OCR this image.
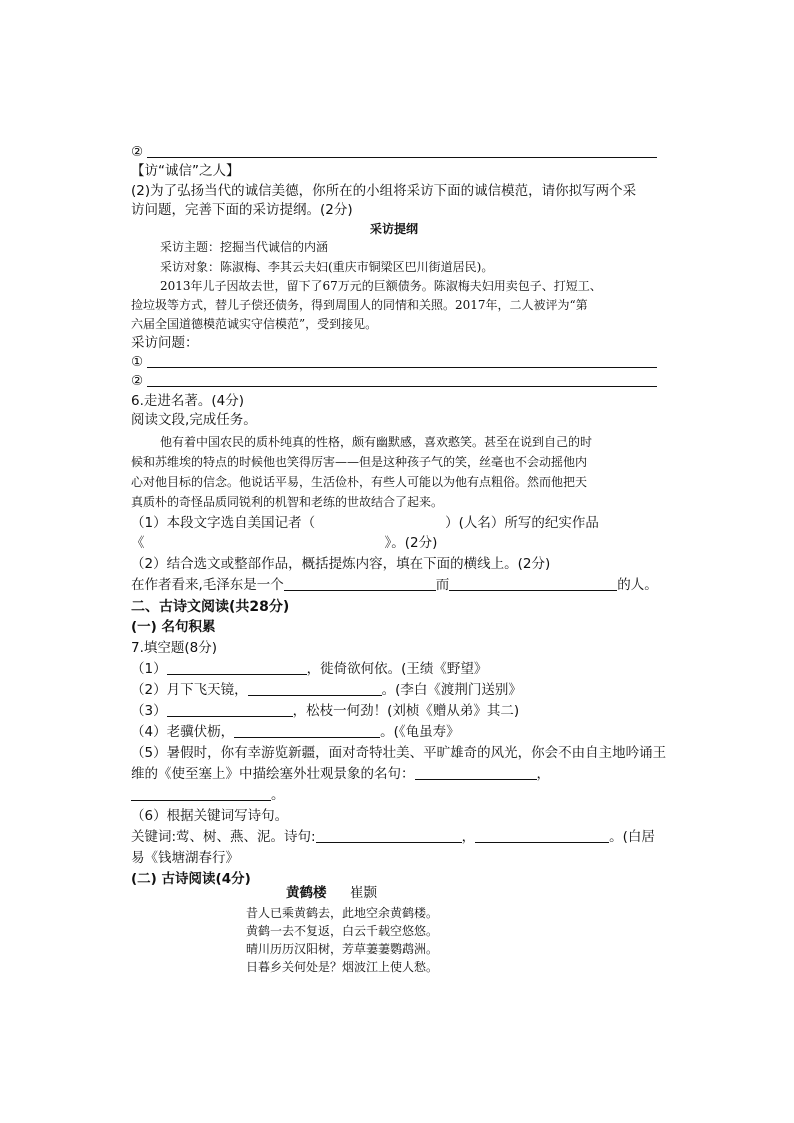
②
【访“诚信”之人】
(2)为了弘扬当代的诚信美德，你所在的小组将采访下面的诚信模范，请你拟写两个采
访问题，完善下面的采访提纲。(2分)
采访提纲
采访主题：挖掘当代诚信的内涵
采访对象：陈淑梅、李其云夫妇(重庆市铜梁区巴川街道居民)。
2013年儿子因故去世，留下了67万元的巨额债务。陈淑梅夫妇用卖包子、打短工、
捡垃圾等方式，替儿子偿还债务，得到周围人的同情和关照。2017年，二人被评为“第
六届全国道德模范诚实守信模范”，受到接见。
采访问题：
①
②
6.走进名著。(4分)
阅读文段,完成任务。
他有着中国农民的质朴纯真的性格，颇有幽默感，喜欢憨笑。甚至在说到自己的时
候和苏维埃的特点的时候他也笑得厉害——但是这种孩子气的笑，丝毫也不会动摇他内
心对他目标的信念。他说话平易，生活俭朴，有些人可能以为他有点粗俗。然而他把天
真质朴的奇怪品质同锐利的机智和老练的世故结合了起来。
（1）本段文字选自美国记者（	）(人名）所写的纪实作品
《	》。(2分)
（2）结合选文或整部作品，概括提炼内容，填在下面的横线上。(2分)
在作者看来,毛泽东是一个	而	的人。
二、古诗文阅读(共28分)
(一) 名句积累
7.填空题(8分)
（1）	，徙倚欲何依。(王绩《野望》
（2）月下飞天镜，	。(李白《渡荆门送别》
（3）	，松枝一何劲！(刘桢《赠从弟》其二)
（4）老骥伏枥，	。(《龟虽寿》
（5）暑假时，你有幸游览新疆，面对奇特壮美、平旷雄奇的风光，你会不由自主地吟诵王
维的《使至塞上》中描绘塞外壮观景象的名句：	，
。
（6）根据关键词写诗句。
关键词:莺、树、燕、泥。诗句:	，	。(白居
易《钱塘湖春行》
(二) 古诗阅读(4分)
黄鹤楼 崔颢
昔人已乘黄鹤去，此地空余黄鹤楼。
黄鹤一去不复返，白云千载空悠悠。
晴川历历汉阳树，芳草萋萋鹦鹉洲。
日暮乡关何处是？烟波江上使人愁。
